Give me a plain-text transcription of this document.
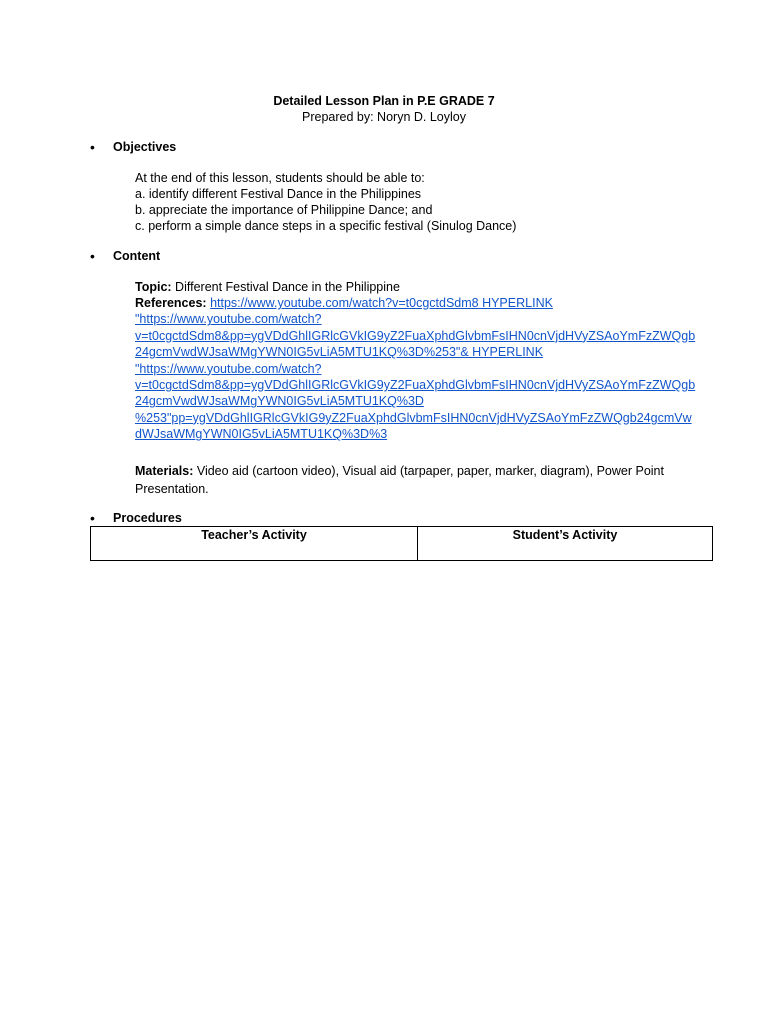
Detailed Lesson Plan in P.E GRADE 7
Prepared by: Noryn D. Loyloy
•	Objectives

At the end of this lesson, students should be able to:

a. identify different Festival Dance in the Philippines

b. appreciate the importance of Philippine Dance; and

c. perform a simple dance steps in a specific festival (Sinulog Dance)

•	Content

Topic: Different Festival Dance in the Philippine

References: https://www.youtube.com/watch?v=t0cgctdSdm8 HYPERLINK
"https://www.youtube.com/watch?
v=t0cgctdSdm8&pp=ygVDdGhlIGRlcGVkIG9yZ2FuaXphdGlvbmFsIHN0cnVjdHVyZSAoYmFzZWQgb
24gcmVwdWJsaWMgYWN0IG5vLiA5MTU1KQ%3D%253"& HYPERLINK
"https://www.youtube.com/watch?
v=t0cgctdSdm8&pp=ygVDdGhlIGRlcGVkIG9yZ2FuaXphdGlvbmFsIHN0cnVjdHVyZSAoYmFzZWQgb
24gcmVwdWJsaWMgYWN0IG5vLiA5MTU1KQ%3D
%253"pp=ygVDdGhlIGRlcGVkIG9yZ2FuaXphdGlvbmFsIHN0cnVjdHVyZSAoYmFzZWQgb24gcmVw
dWJsaWMgYWN0IG5vLiA5MTU1KQ%3D%3

Materials: Video aid (cartoon video), Visual aid (tarpaper, paper, marker, diagram), Power Point Presentation.

•	Procedures
Teacher’s Activity	Student’s Activity
